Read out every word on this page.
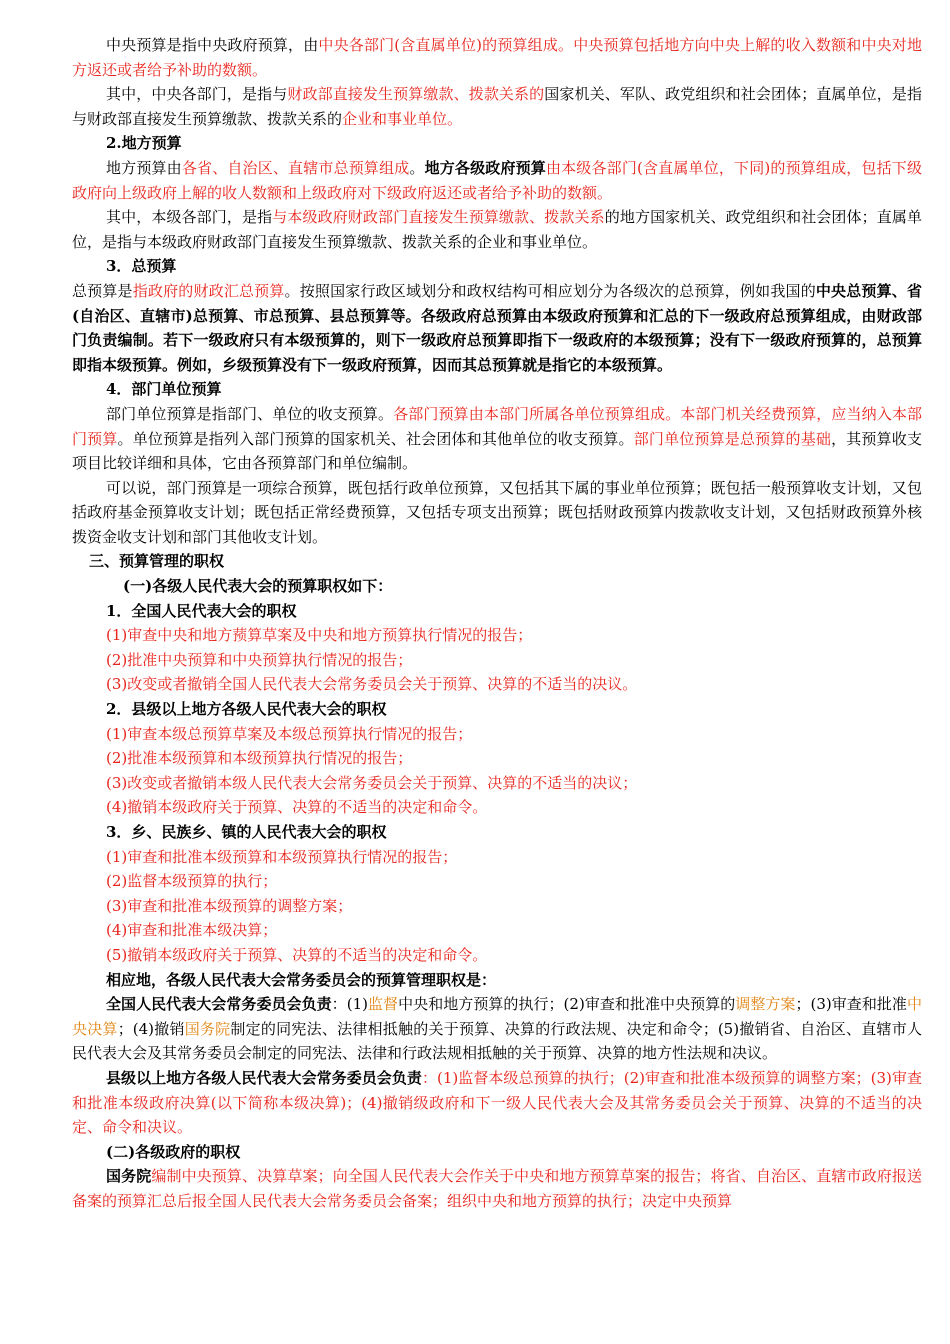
中央预算是指中央政府预算，由中央各部门(含直属单位)的预算组成。中央预算包括地方向中央上解的收入数额和中央对地方返还或者给予补助的数额。

其中，中央各部门，是指与财政部直接发生预算缴款、拨款关系的国家机关、军队、政党组织和社会团体；直属单位，是指与财政部直接发生预算缴款、拨款关系的企业和事业单位。

2.地方预算

地方预算由各省、自治区、直辖市总预算组成。地方各级政府预算由本级各部门(含直属单位，下同)的预算组成，包括下级政府向上级政府上解的收人数额和上级政府对下级政府返还或者给予补助的数额。

其中，本级各部门，是指与本级政府财政部门直接发生预算缴款、拨款关系的地方国家机关、政党组织和社会团体；直属单位，是指与本级政府财政部门直接发生预算缴款、拨款关系的企业和事业单位。

3．总预算

总预算是指政府的财政汇总预算。按照国家行政区域划分和政权结构可相应划分为各级次的总预算，例如我国的中央总预算、省(自治区、直辖市)总预算、市总预算、县总预算等。各级政府总预算由本级政府预算和汇总的下一级政府总预算组成，由财政部门负责编制。若下一级政府只有本级预算的，则下一级政府总预算即指下一级政府的本级预算；没有下一级政府预算的，总预算即指本级预算。例如，乡级预算没有下一级政府预算，因而其总预算就是指它的本级预算。

4．部门单位预算

部门单位预算是指部门、单位的收支预算。各部门预算由本部门所属各单位预算组成。本部门机关经费预算，应当纳入本部门预算。单位预算是指列入部门预算的国家机关、社会团体和其他单位的收支预算。部门单位预算是总预算的基础，其预算收支项目比较详细和具体，它由各预算部门和单位编制。

可以说，部门预算是一项综合预算，既包括行政单位预算，又包括其下属的事业单位预算；既包括一般预算收支计划，又包括政府基金预算收支计划；既包括正常经费预算，又包括专项支出预算；既包括财政预算内拨款收支计划，又包括财政预算外核拨资金收支计划和部门其他收支计划。

三、预算管理的职权

(一)各级人民代表大会的预算职权如下：

1．全国人民代表大会的职权

(1)审查中央和地方蓣算草案及中央和地方预算执行情况的报告；

(2)批准中央预算和中央预算执行情况的报告；

(3)改变或者撤销全国人民代表大会常务委员会关于预算、决算的不适当的决议。

2．县级以上地方各级人民代表大会的职权

(1)审查本级总预算草案及本级总预算执行情况的报告；

(2)批准本级预算和本级预算执行情况的报告；

(3)改变或者撤销本级人民代表大会常务委员会关于预算、决算的不适当的决议；

(4)撤销本级政府关于预算、决算的不适当的决定和命令。

3．乡、民族乡、镇的人民代表大会的职权

(1)审查和批准本级预算和本级预算执行情况的报告；

(2)监督本级预算的执行；

(3)审查和批准本级预算的调整方案；

(4)审查和批准本级决算；

(5)撤销本级政府关于预算、决算的不适当的决定和命令。

相应地，各级人民代表大会常务委员会的预算管理职权是：

全国人民代表大会常务委员会负责：(1)监督中央和地方预算的执行；(2)审查和批准中央预算的调整方案；(3)审查和批准中央决算；(4)撤销国务院制定的同宪法、法律相抵触的关于预算、决算的行政法规、决定和命令；(5)撤销省、自治区、直辖市人民代表大会及其常务委员会制定的同宪法、法律和行政法规相抵触的关于预算、决算的地方性法规和决议。

县级以上地方各级人民代表大会常务委员会负责：(1)监督本级总预算的执行；(2)审查和批准本级预算的调整方案；(3)审查和批准本级政府决算(以下简称本级决算)；(4)撤销级政府和下一级人民代表大会及其常务委员会关于预算、决算的不适当的决定、命令和决议。

(二)各级政府的职权

国务院编制中央预算、决算草案；向全国人民代表大会作关于中央和地方预算草案的报告；将省、自治区、直辖市政府报送备案的预算汇总后报全国人民代表大会常务委员会备案；组织中央和地方预算的执行；决定中央预算
